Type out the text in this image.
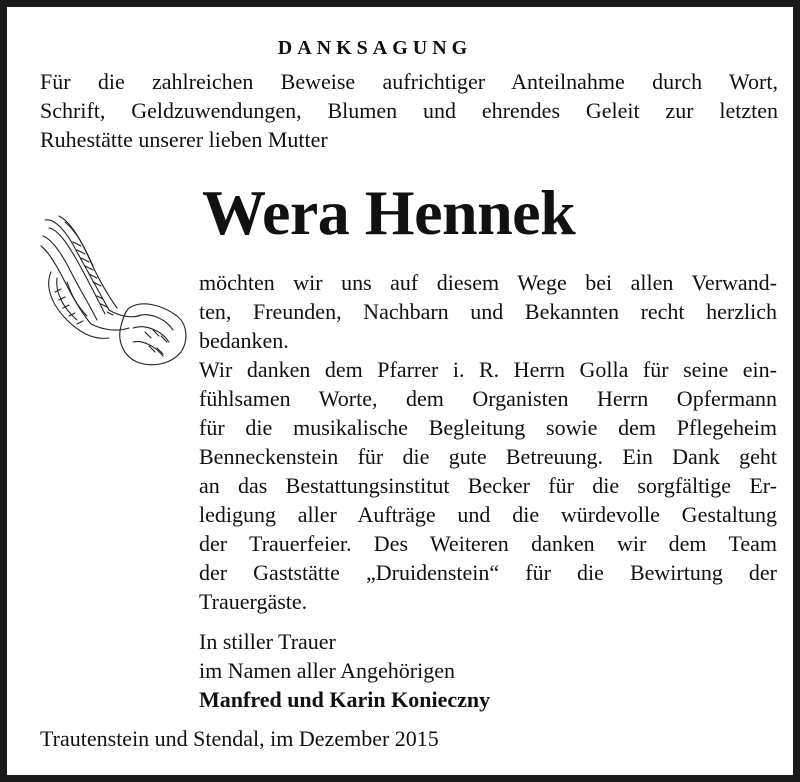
DANKSAGUNG
Für die zahlreichen Beweise aufrichtiger Anteilnahme durch Wort,
Schrift, Geldzuwendungen, Blumen und ehrendes Geleit zur letzten
Ruhestätte unserer lieben Mutter
Wera Hennek
möchten wir uns auf diesem Wege bei allen Verwand-
ten, Freunden, Nachbarn und Bekannten recht herzlich
bedanken.
Wir danken dem Pfarrer i. R. Herrn Golla für seine ein-
fühlsamen Worte, dem Organisten Herrn Opfermann
für die musikalische Begleitung sowie dem Pflegeheim
Benneckenstein für die gute Betreuung. Ein Dank geht
an das Bestattungsinstitut Becker für die sorgfältige Er-
ledigung aller Aufträge und die würdevolle Gestaltung
der Trauerfeier. Des Weiteren danken wir dem Team
der Gaststätte „Druidenstein“ für die Bewirtung der
Trauergäste.
In stiller Trauer
im Namen aller Angehörigen
Manfred und Karin Konieczny
Trautenstein und Stendal, im Dezember 2015
